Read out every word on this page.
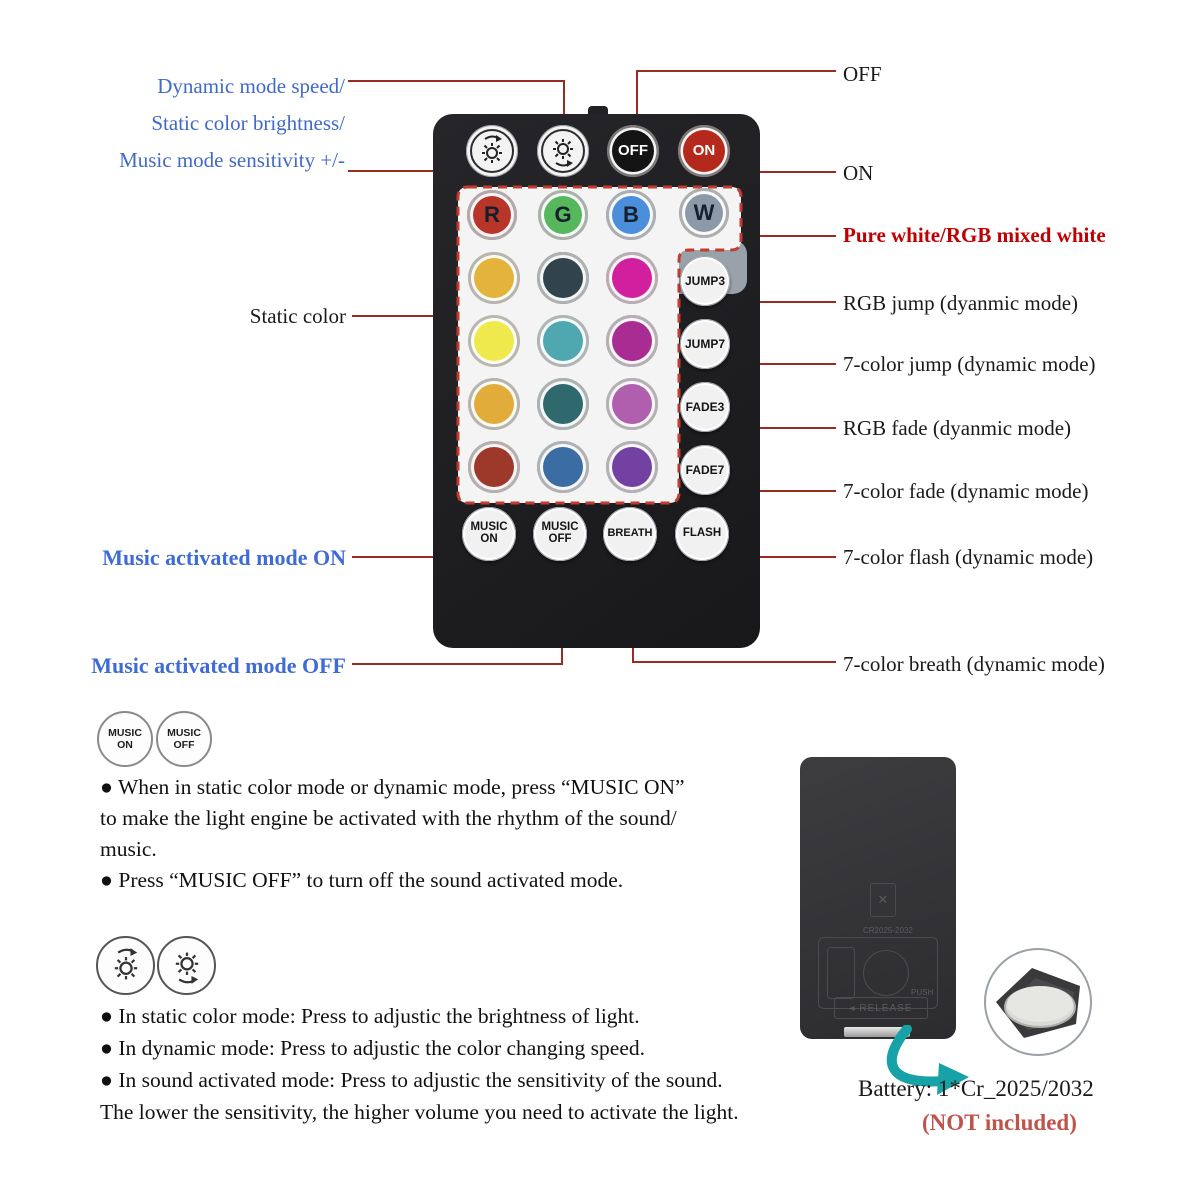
Dynamic mode speed/
Static color brightness/
Music mode sensitivity +/-
Static color
Music activated mode ON
Music activated mode OFF
OFF
ON
Pure white/RGB mixed white
RGB jump (dyanmic mode)
7-color jump (dynamic mode)
RGB fade (dyanmic mode)
7-color fade (dynamic mode)
7-color flash (dynamic mode)
7-color breath (dynamic mode)
OFF	ON
R	G	B	W
JUMP3
JUMP7
FADE3
FADE7
MUSIC
ON
MUSIC
OFF	BREATH	FLASH
MUSIC
ON
MUSIC
OFF
● When in static color mode or dynamic mode, press “MUSIC ON”
to make the light engine be activated with the rhythm of the sound/
music.
● Press “MUSIC OFF” to turn off the sound activated mode.
● In static color mode: Press to adjustic the brightness of light.
● In dynamic mode: Press to adjustic the color changing speed.
● In sound activated mode: Press to adjustic the sensitivity of the sound.
The lower the sensitivity, the higher volume you need to activate the light.
✕
CR2025-2032
PUSH
◂ RELEASE
Battery: 1*Cr_2025/2032
(NOT included)
